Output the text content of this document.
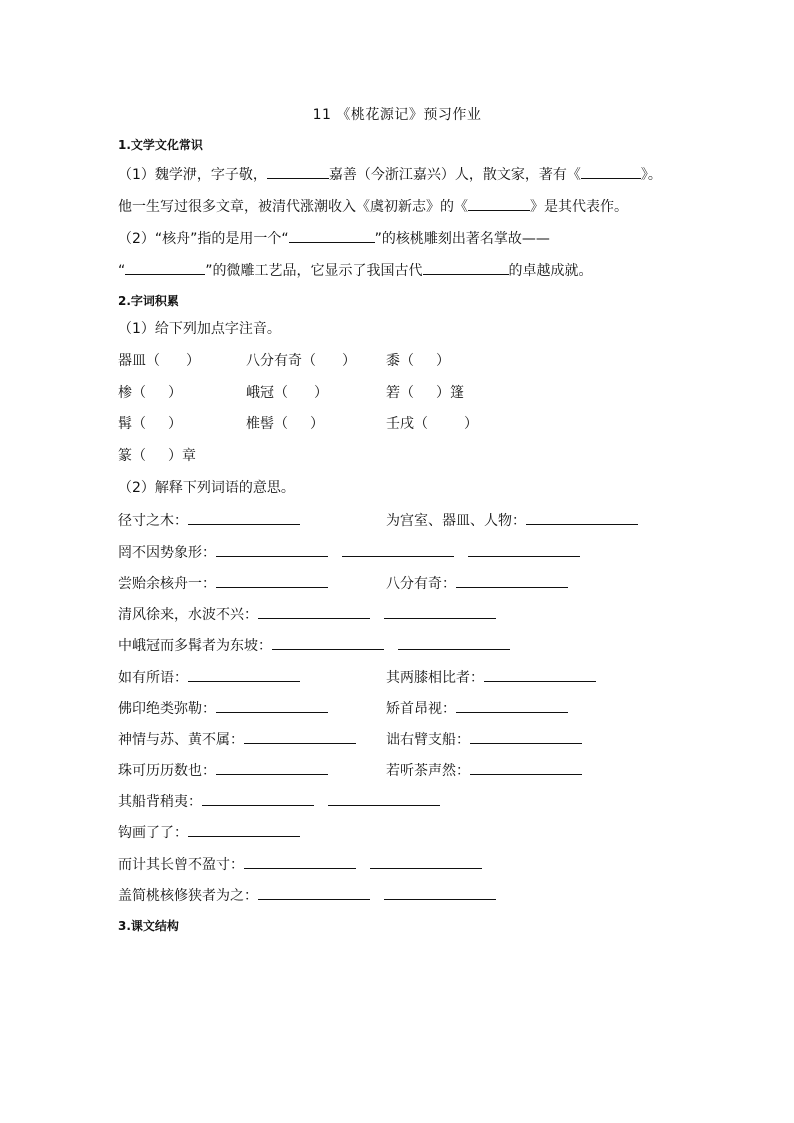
11 《桃花源记》预习作业
1.文学文化常识
（1）魏学洢，字子敬，	嘉善（今浙江嘉兴）人，散文家，著有《	》。
他一生写过很多文章，被清代涨潮收入《虞初新志》的《	》是其代表作。
（2）“核舟”指的是用一个“	”的核桃雕刻出著名掌故——
“	”的微雕工艺品，它显示了我国古代	的卓越成就。
2.字词积累
（1）给下列加点字注音。
器皿（ ）	八分有奇（ ） 黍（ ）
椮（ ）	峨冠（ ）	箬（ ）篷
髯（ ）	椎髻（ ）	壬戌（	）
篆（ ）章
（2）解释下列词语的意思。
径寸之木：	为宫室、器皿、人物：
罔不因势象形：
尝贻余核舟一：	八分有奇：
清风徐来，水波不兴：
中峨冠而多髯者为东坡：
如有所语：	其两膝相比者：
佛印绝类弥勒：	矫首昂视：
神情与苏、黄不属：	诎右臂支船：
珠可历历数也：	若听茶声然：
其船背稍夷：
钩画了了：
而计其长曾不盈寸：
盖简桃核修狭者为之：
3.课文结构
